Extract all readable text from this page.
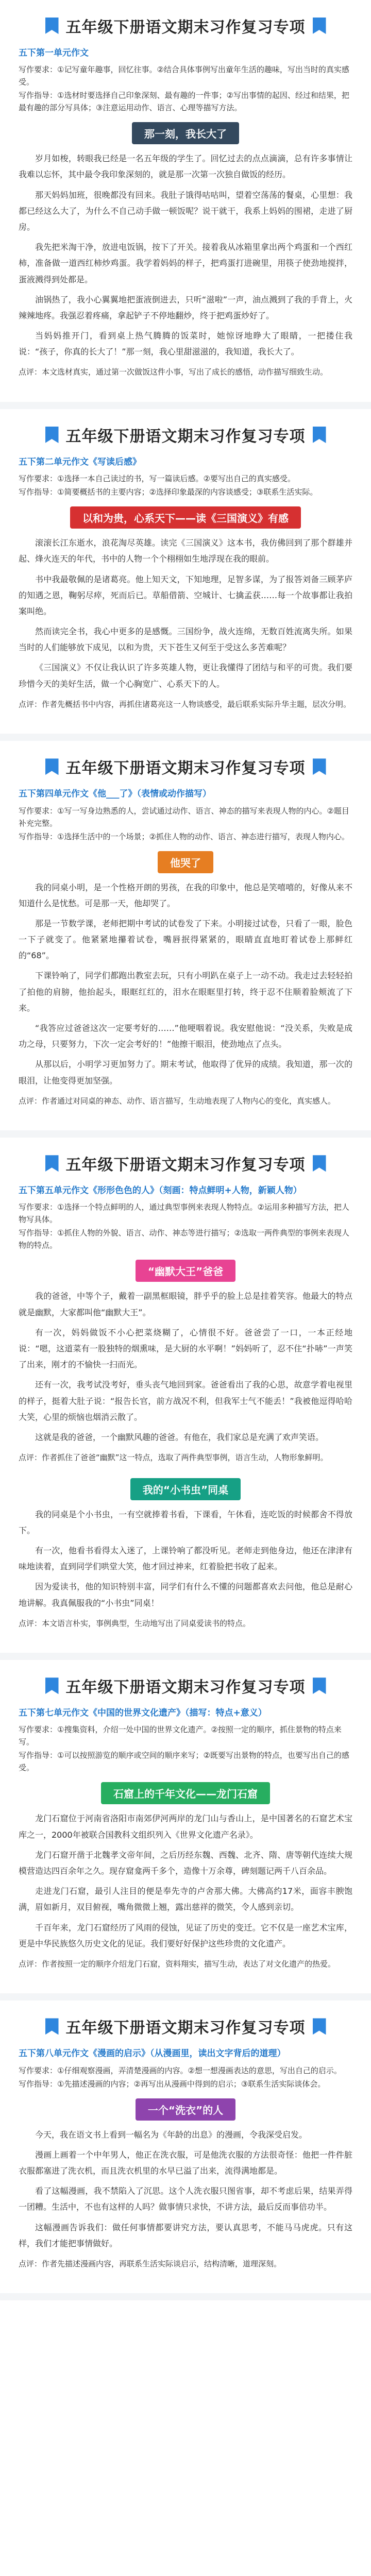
五年级下册语文期末习作复习专项
五下第一单元作文
写作要求：①记写童年趣事，回忆往事。②结合具体事例写出童年生活的趣味，写出当时的真实感受。
写作指导：①选材时要选择自己印象深刻、最有趣的一件事；②写出事情的起因、经过和结果，把最有趣的部分写具体；③注意运用动作、语言、心理等描写方法。
那一刻，我长大了

岁月如梭，转眼我已经是一名五年级的学生了。回忆过去的点点滴滴，总有许多事情让我难以忘怀，其中最令我印象深刻的，就是那一次第一次独自做饭的经历。

那天妈妈加班，很晚都没有回来。我肚子饿得咕咕叫，望着空荡荡的餐桌，心里想：我都已经这么大了，为什么不自己动手做一顿饭呢？说干就干，我系上妈妈的围裙，走进了厨房。

我先把米淘干净，放进电饭锅，按下了开关。接着我从冰箱里拿出两个鸡蛋和一个西红柿，准备做一道西红柿炒鸡蛋。我学着妈妈的样子，把鸡蛋打进碗里，用筷子使劲地搅拌，蛋液溅得到处都是。

油锅热了，我小心翼翼地把蛋液倒进去，只听“滋啦”一声，油点溅到了我的手背上，火辣辣地疼。我强忍着疼痛，拿起铲子不停地翻炒，终于把鸡蛋炒好了。

当妈妈推开门，看到桌上热气腾腾的饭菜时，她惊讶地睁大了眼睛，一把搂住我说：“孩子，你真的长大了！”那一刻，我心里甜滋滋的，我知道，我长大了。

点评：本文选材真实，通过第一次做饭这件小事，写出了成长的感悟，动作描写细致生动。
五年级下册语文期末习作复习专项
五下第二单元作文《写读后感》
写作要求：①选择一本自己读过的书，写一篇读后感。②要写出自己的真实感受。
写作指导：①简要概括书的主要内容；②选择印象最深的内容谈感受；③联系生活实际。
以和为贵，心系天下——读《三国演义》有感

滚滚长江东逝水，浪花淘尽英雄。读完《三国演义》这本书，我仿佛回到了那个群雄并起、烽火连天的年代，书中的人物一个个栩栩如生地浮现在我的眼前。

书中我最敬佩的是诸葛亮。他上知天文，下知地理，足智多谋，为了报答刘备三顾茅庐的知遇之恩，鞠躬尽瘁，死而后已。草船借箭、空城计、七擒孟获……每一个故事都让我拍案叫绝。

然而读完全书，我心中更多的是感慨。三国纷争，战火连绵，无数百姓流离失所。如果当时的人们能够放下成见，以和为贵，天下苍生又何至于受这么多苦难呢？

《三国演义》不仅让我认识了许多英雄人物，更让我懂得了团结与和平的可贵。我们要珍惜今天的美好生活，做一个心胸宽广、心系天下的人。

点评：作者先概括书中内容，再抓住诸葛亮这一人物谈感受，最后联系实际升华主题，层次分明。
五年级下册语文期末习作复习专项
五下第四单元作文《他___了》（表情或动作描写）
写作要求：①写一写身边熟悉的人，尝试通过动作、语言、神态的描写来表现人物的内心。②题目补充完整。
写作指导：①选择生活中的一个场景；②抓住人物的动作、语言、神态进行描写，表现人物内心。
他哭了

我的同桌小明，是一个性格开朗的男孩，在我的印象中，他总是笑嘻嘻的，好像从来不知道什么是忧愁。可是那一天，他却哭了。

那是一节数学课，老师把期中考试的试卷发了下来。小明接过试卷，只看了一眼，脸色一下子就变了。他紧紧地攥着试卷，嘴唇抿得紧紧的，眼睛直直地盯着试卷上那鲜红的“68”。

下课铃响了，同学们都跑出教室去玩，只有小明趴在桌子上一动不动。我走过去轻轻拍了拍他的肩膀，他抬起头，眼眶红红的，泪水在眼眶里打转，终于忍不住顺着脸颊流了下来。

“我答应过爸爸这次一定要考好的……”他哽咽着说。我安慰他说：“没关系，失败是成功之母，只要努力，下次一定会考好的！”他擦干眼泪，使劲地点了点头。

从那以后，小明学习更加努力了。期末考试，他取得了优异的成绩。我知道，那一次的眼泪，让他变得更加坚强。

点评：作者通过对同桌的神态、动作、语言描写，生动地表现了人物内心的变化，真实感人。
五年级下册语文期末习作复习专项
五下第五单元作文《形形色色的人》（刻画：特点鲜明+人物，新颖人物）
写作要求：①选择一个特点鲜明的人，通过典型事例来表现人物特点。②运用多种描写方法，把人物写具体。
写作指导：①抓住人物的外貌、语言、动作、神态等进行描写；②选取一两件典型的事例来表现人物的特点。
“幽默大王”爸爸

我的爸爸，中等个子，戴着一副黑框眼镜，胖乎乎的脸上总是挂着笑容。他最大的特点就是幽默，大家都叫他“幽默大王”。

有一次，妈妈做饭不小心把菜烧糊了，心情很不好。爸爸尝了一口，一本正经地说：“嗯，这道菜有一股独特的烟熏味，是大厨的水平啊！”妈妈听了，忍不住“扑哧”一声笑了出来，刚才的不愉快一扫而光。

还有一次，我考试没考好，垂头丧气地回到家。爸爸看出了我的心思，故意学着电视里的样子，挺着大肚子说：“报告长官，前方战况不利，但我军士气不能丢！”我被他逗得哈哈大笑，心里的烦恼也烟消云散了。

这就是我的爸爸，一个幽默风趣的爸爸。有他在，我们家总是充满了欢声笑语。

点评：作者抓住了爸爸“幽默”这一特点，选取了两件典型事例，语言生动，人物形象鲜明。
我的“小书虫”同桌

我的同桌是个小书虫，一有空就捧着书看，下课看，午休看，连吃饭的时候都舍不得放下。

有一次，他看书看得太入迷了，上课铃响了都没听见。老师走到他身边，他还在津津有味地读着，直到同学们哄堂大笑，他才回过神来，红着脸把书收了起来。

因为爱读书，他的知识特别丰富，同学们有什么不懂的问题都喜欢去问他，他总是耐心地讲解。我真佩服我的“小书虫”同桌！

点评：本文语言朴实，事例典型，生动地写出了同桌爱读书的特点。
五年级下册语文期末习作复习专项
五下第七单元作文《中国的世界文化遗产》（描写：特点+意义）
写作要求：①搜集资料，介绍一处中国的世界文化遗产。②按照一定的顺序，抓住景物的特点来写。
写作指导：①可以按照游览的顺序或空间的顺序来写；②既要写出景物的特点，也要写出自己的感受。
石窟上的千年文化——龙门石窟

龙门石窟位于河南省洛阳市南郊伊河两岸的龙门山与香山上，是中国著名的石窟艺术宝库之一，2000年被联合国教科文组织列入《世界文化遗产名录》。

龙门石窟开凿于北魏孝文帝年间，之后历经东魏、西魏、北齐、隋、唐等朝代连续大规模营造达四百余年之久。现存窟龛两千多个，造像十万余尊，碑刻题记两千八百余品。

走进龙门石窟，最引人注目的便是奉先寺的卢舍那大佛。大佛高约17米，面容丰腴饱满，眉如新月，双目俯视，嘴角微微上翘，露出慈祥的微笑，令人感到亲切。

千百年来，龙门石窟经历了风雨的侵蚀，见证了历史的变迁。它不仅是一座艺术宝库，更是中华民族悠久历史文化的见证。我们要好好保护这些珍贵的文化遗产。

点评：作者按照一定的顺序介绍龙门石窟，资料翔实，描写生动，表达了对文化遗产的热爱。
五年级下册语文期末习作复习专项
五下第八单元作文《漫画的启示》（从漫画里，读出文字背后的道理）
写作要求：①仔细观察漫画，弄清楚漫画的内容。②想一想漫画表达的意思，写出自己的启示。
写作指导：①先描述漫画的内容；②再写出从漫画中得到的启示；③联系生活实际谈体会。
一个“洗衣”的人

今天，我在语文书上看到一幅名为《年龄的出息》的漫画，令我深受启发。

漫画上画着一个中年男人，他正在洗衣服，可是他洗衣服的方法很奇怪：他把一件件脏衣服都塞进了洗衣机，而且洗衣机里的水早已溢了出来，流得满地都是。

看了这幅漫画，我不禁陷入了沉思。这个人洗衣服只图省事，却不考虑后果，结果弄得一团糟。生活中，不也有这样的人吗？做事情只求快，不讲方法，最后反而事倍功半。

这幅漫画告诉我们：做任何事情都要讲究方法，要认真思考，不能马马虎虎。只有这样，我们才能把事情做好。

点评：作者先描述漫画内容，再联系生活实际谈启示，结构清晰，道理深刻。
